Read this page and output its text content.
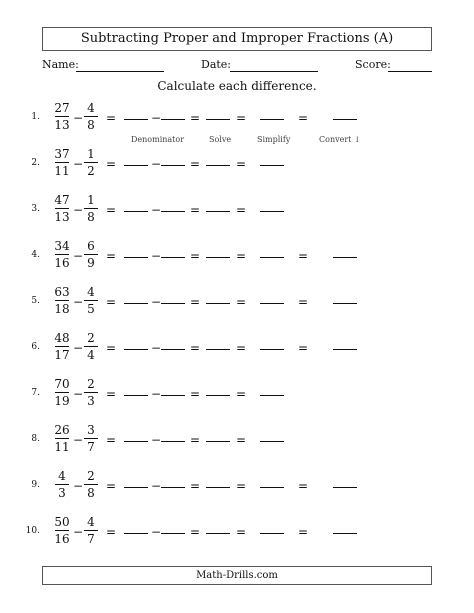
Subtracting Proper and Improper Fractions (A)
Name:	Date:	Score:
Calculate each difference.
Denominator	Solve	Simplify	Convert ↓
1.
27
13 −
4
8 =	− =	=	=
2.
37
11 −
1
2 =	− =	=
3.
47
13 −
1
8 =	− =	=
4.
34
16 −
6
9 =	− =	=	=
5.
63
18 −
4
5 =	− =	=	=
6.
48
17 −
2
4 =	− =	=	=
7.
70
19 −
2
3 =	− =	=
8.
26
11 −
3
7 =	− =	=
9.
4
3 −
2
8 =	− =	=	=
10.
50
16 −
4
7 =	− =	=	=
Math-Drills.com
